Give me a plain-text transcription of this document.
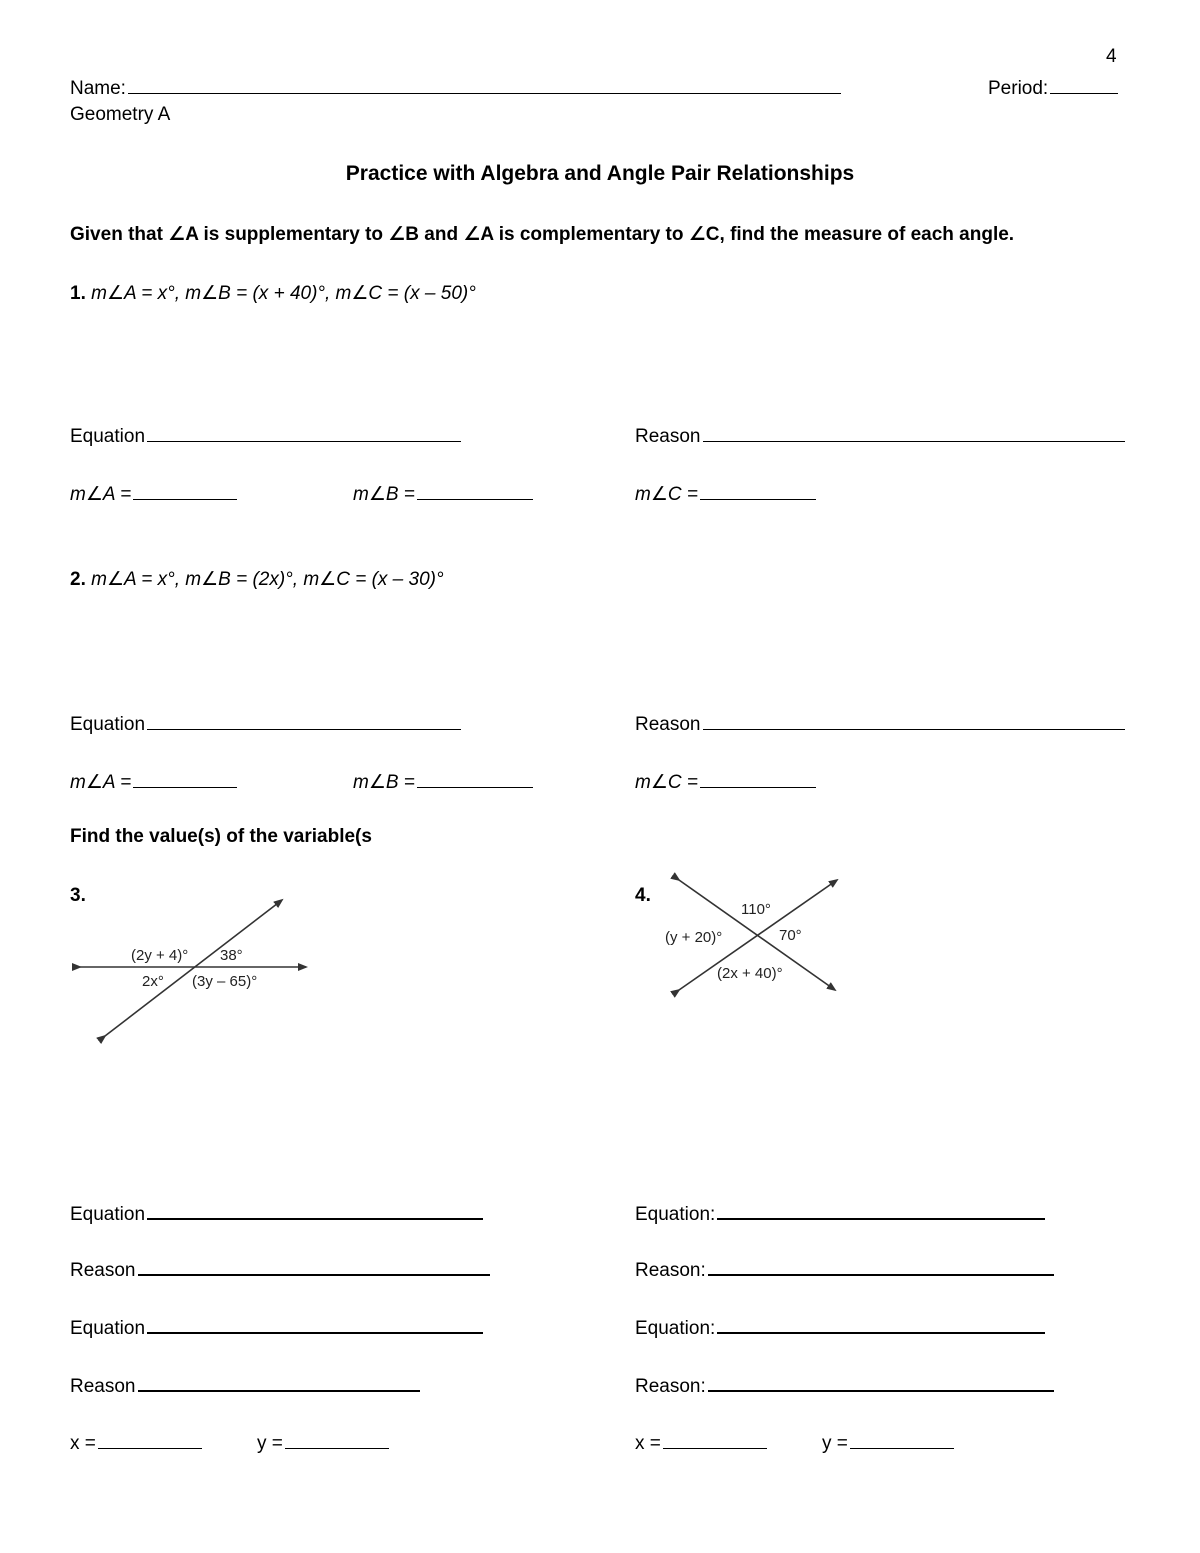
4
Name:	Period:
Geometry A
Practice with Algebra and Angle Pair Relationships
Given that ∠A is supplementary to ∠B and ∠A is complementary to ∠C, find the measure of each angle.
1. m∠A = x°, m∠B = (x + 40)°, m∠C = (x – 50)°
Equation	Reason
m∠A =	m∠B =	m∠C =
2. m∠A = x°, m∠B = (2x)°, m∠C = (x – 30)°
Equation	Reason
m∠A =	m∠B =	m∠C =
Find the value(s) of the variable(s
3.
(2y + 4)° 38°
2x° (3y – 65)°
4.
110°
(y + 20)°	70°
(2x + 40)°
Equation
Reason
Equation
Reason
x =	y =
Equation:
Reason:
Equation:
Reason:
x =	y =
